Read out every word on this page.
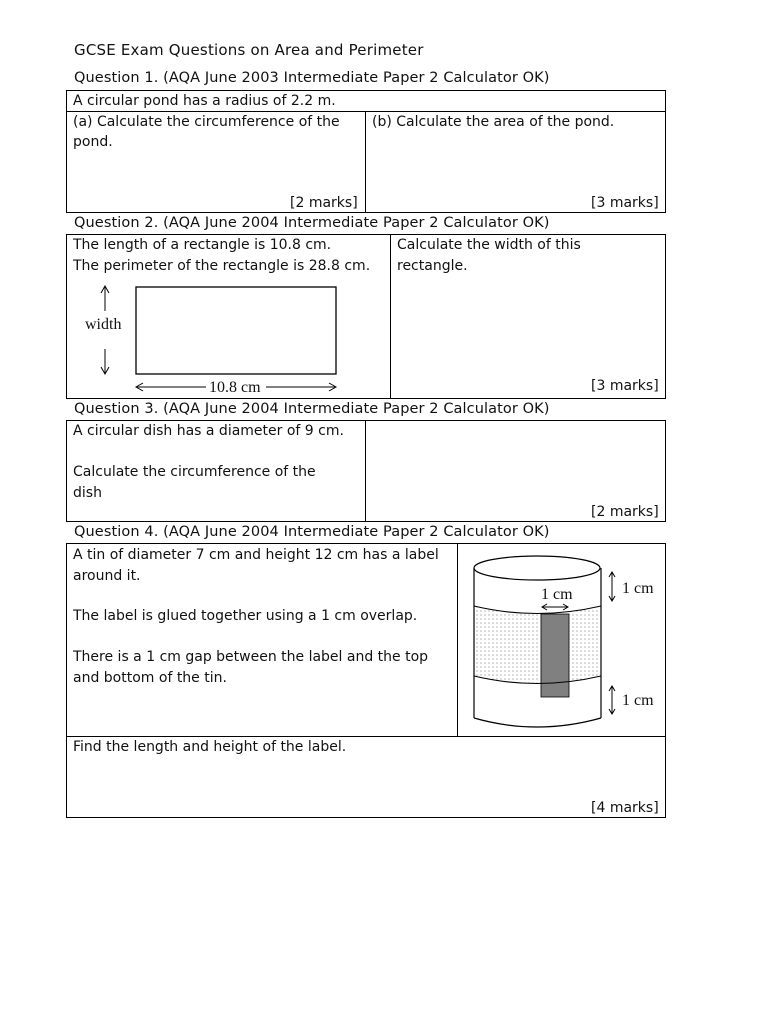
GCSE Exam Questions on Area and Perimeter
Question 1. (AQA June 2003 Intermediate Paper 2 Calculator OK)
A circular pond has a radius of 2.2 m.
(a) Calculate the circumference of the
pond.
[2 marks]
(b) Calculate the area of the pond.
[3 marks]
Question 2. (AQA June 2004 Intermediate Paper 2 Calculator OK)
The length of a rectangle is 10.8 cm.
The perimeter of the rectangle is 28.8 cm.
width
10.8 cm
Calculate the width of this
rectangle.
[3 marks]
Question 3. (AQA June 2004 Intermediate Paper 2 Calculator OK)
A circular dish has a diameter of 9 cm.
Calculate the circumference of the
dish
[2 marks]
Question 4. (AQA June 2004 Intermediate Paper 2 Calculator OK)
A tin of diameter 7 cm and height 12 cm has a label
around it.
The label is glued together using a 1 cm overlap.
There is a 1 cm gap between the label and the top
and bottom of the tin.
1 cm	1 cm
1 cm
Find the length and height of the label.
[4 marks]
